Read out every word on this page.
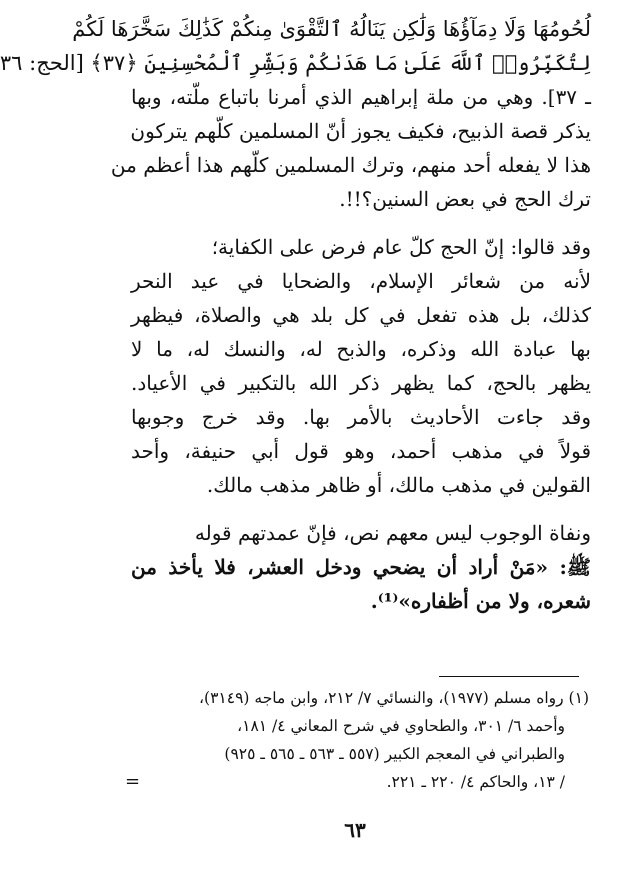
لُحُومُهَا وَلَا دِمَآؤُهَا وَلَٰكِن يَنَالُهُ ٱلتَّقْوَىٰ مِنكُمْ كَذَٰلِكَ سَخَّرَهَا لَكُمْ
لِتُكَبِّرُوا۟ ٱللَّهَ عَلَىٰ مَا هَدَىٰكُمْ وَبَشِّرِ ٱلْمُحْسِنِينَ ﴿٣٧﴾ [الحج: ٣٦
ـ ٣٧]. وهي من ملة إبراهيم الذي أمرنا باتباع ملّته، وبها
يذكر قصة الذبيح، فكيف يجوز أنّ المسلمين كلّهم يتركون
هذا لا يفعله أحد منهم، وترك المسلمين كلّهم هذا أعظم من
ترك الحج في بعض السنين؟!!.
وقد قالوا: إنّ الحج كلّ عام فرض على الكفاية؛
لأنه من شعائر الإسلام، والضحايا في عيد النحر
كذلك، بل هذه تفعل في كل بلد هي والصلاة، فيظهر
بها عبادة الله وذكره، والذبح له، والنسك له، ما لا
يظهر بالحج، كما يظهر ذكر الله بالتكبير في الأعياد.
وقد جاءت الأحاديث بالأمر بها. وقد خرج وجوبها
قولاً في مذهب أحمد، وهو قول أبي حنيفة، وأحد
القولين في مذهب مالك، أو ظاهر مذهب مالك.
ونفاة الوجوب ليس معهم نص، فإنّ عمدتهم قوله
ﷺ: «مَنْ أراد أن يضحي ودخل العشر، فلا يأخذ من
شعره، ولا من أظفاره»⁽¹⁾.
(١) رواه مسلم (١٩٧٧)، والنسائي ٧/ ٢١٢، وابن ماجه (٣١٤٩)،
وأحمد ٦/ ٣٠١، والطحاوي في شرح المعاني ٤/ ١٨١،
والطبراني في المعجم الكبير (٥٥٧ ـ ٥٦٣ ـ ٥٦٥ ـ ٩٢٥)
/ ١٣، والحاكم ٤/ ٢٢٠ ـ ٢٢١.
=
٦٣
